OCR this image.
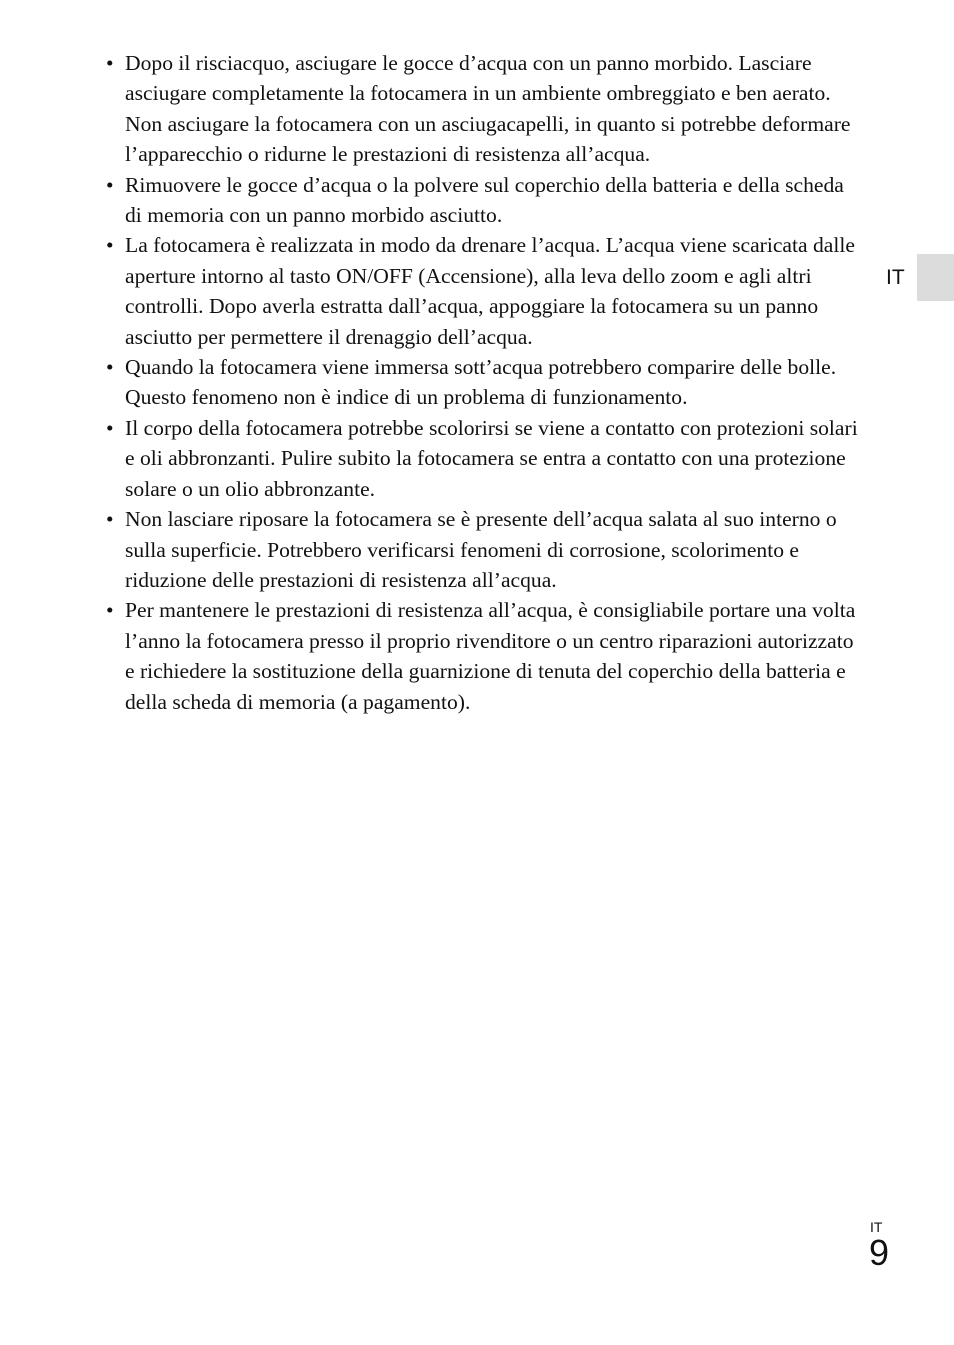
• Dopo il risciacquo, asciugare le gocce d’acqua con un panno morbido. Lasciare asciugare completamente la fotocamera in un ambiente ombreggiato e ben aerato. Non asciugare la fotocamera con un asciugacapelli, in quanto si potrebbe deformare l’apparecchio o ridurne le prestazioni di resistenza all’acqua.
• Rimuovere le gocce d’acqua o la polvere sul coperchio della batteria e della scheda di memoria con un panno morbido asciutto.
• La fotocamera è realizzata in modo da drenare l’acqua. L’acqua viene scaricata dalle aperture intorno al tasto ON/OFF (Accensione), alla leva dello zoom e agli altri controlli. Dopo averla estratta dall’acqua, appoggiare la fotocamera su un panno asciutto per permettere il drenaggio dell’acqua.
• Quando la fotocamera viene immersa sott’acqua potrebbero comparire delle bolle. Questo fenomeno non è indice di un problema di funzionamento.
• Il corpo della fotocamera potrebbe scolorirsi se viene a contatto con protezioni solari e oli abbronzanti. Pulire subito la fotocamera se entra a contatto con una protezione solare o un olio abbronzante.
• Non lasciare riposare la fotocamera se è presente dell’acqua salata al suo interno o sulla superficie. Potrebbero verificarsi fenomeni di corrosione, scolorimento e riduzione delle prestazioni di resistenza all’acqua.
• Per mantenere le prestazioni di resistenza all’acqua, è consigliabile portare una volta l’anno la fotocamera presso il proprio rivenditore o un centro riparazioni autorizzato e richiedere la sostituzione della guarnizione di tenuta del coperchio della batteria e della scheda di memoria (a pagamento).
IT
IT
9
